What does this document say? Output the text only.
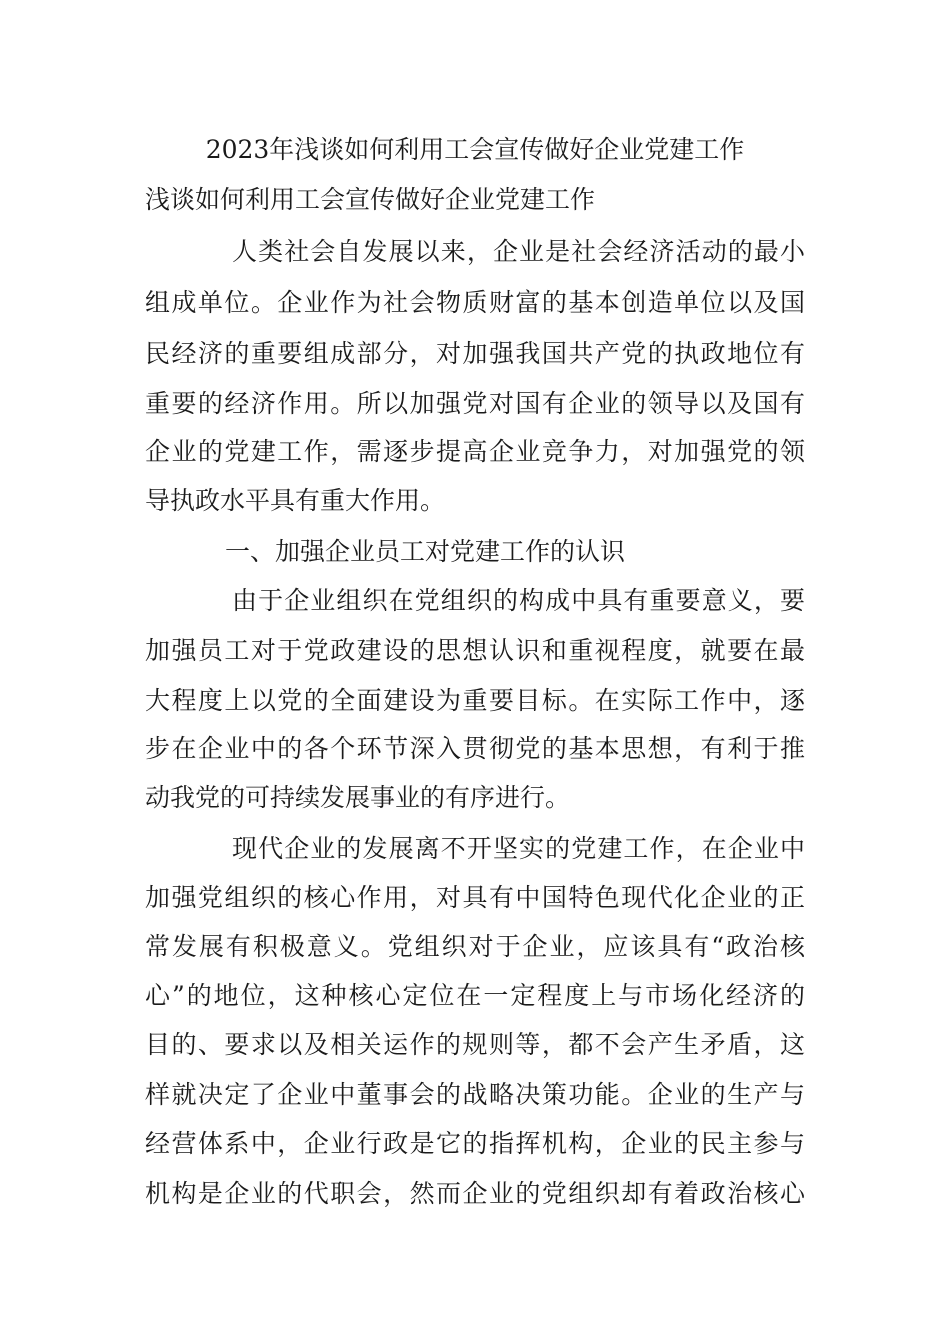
2023年浅谈如何利用工会宣传做好企业党建工作
浅谈如何利用工会宣传做好企业党建工作

人类社会自发展以来，企业是社会经济活动的最小

组成单位。企业作为社会物质财富的基本创造单位以及国

民经济的重要组成部分，对加强我国共产党的执政地位有

重要的经济作用。所以加强党对国有企业的领导以及国有

企业的党建工作，需逐步提高企业竞争力，对加强党的领

导执政水平具有重大作用。

一、加强企业员工对党建工作的认识

由于企业组织在党组织的构成中具有重要意义，要

加强员工对于党政建设的思想认识和重视程度，就要在最

大程度上以党的全面建设为重要目标。在实际工作中，逐

步在企业中的各个环节深入贯彻党的基本思想，有利于推

动我党的可持续发展事业的有序进行。

现代企业的发展离不开坚实的党建工作，在企业中

加强党组织的核心作用，对具有中国特色现代化企业的正

常发展有积极意义。党组织对于企业，应该具有“政治核

心”的地位，这种核心定位在一定程度上与市场化经济的

目的、要求以及相关运作的规则等，都不会产生矛盾，这

样就决定了企业中董事会的战略决策功能。企业的生产与

经营体系中，企业行政是它的指挥机构，企业的民主参与

机构是企业的代职会，然而企业的党组织却有着政治核心
